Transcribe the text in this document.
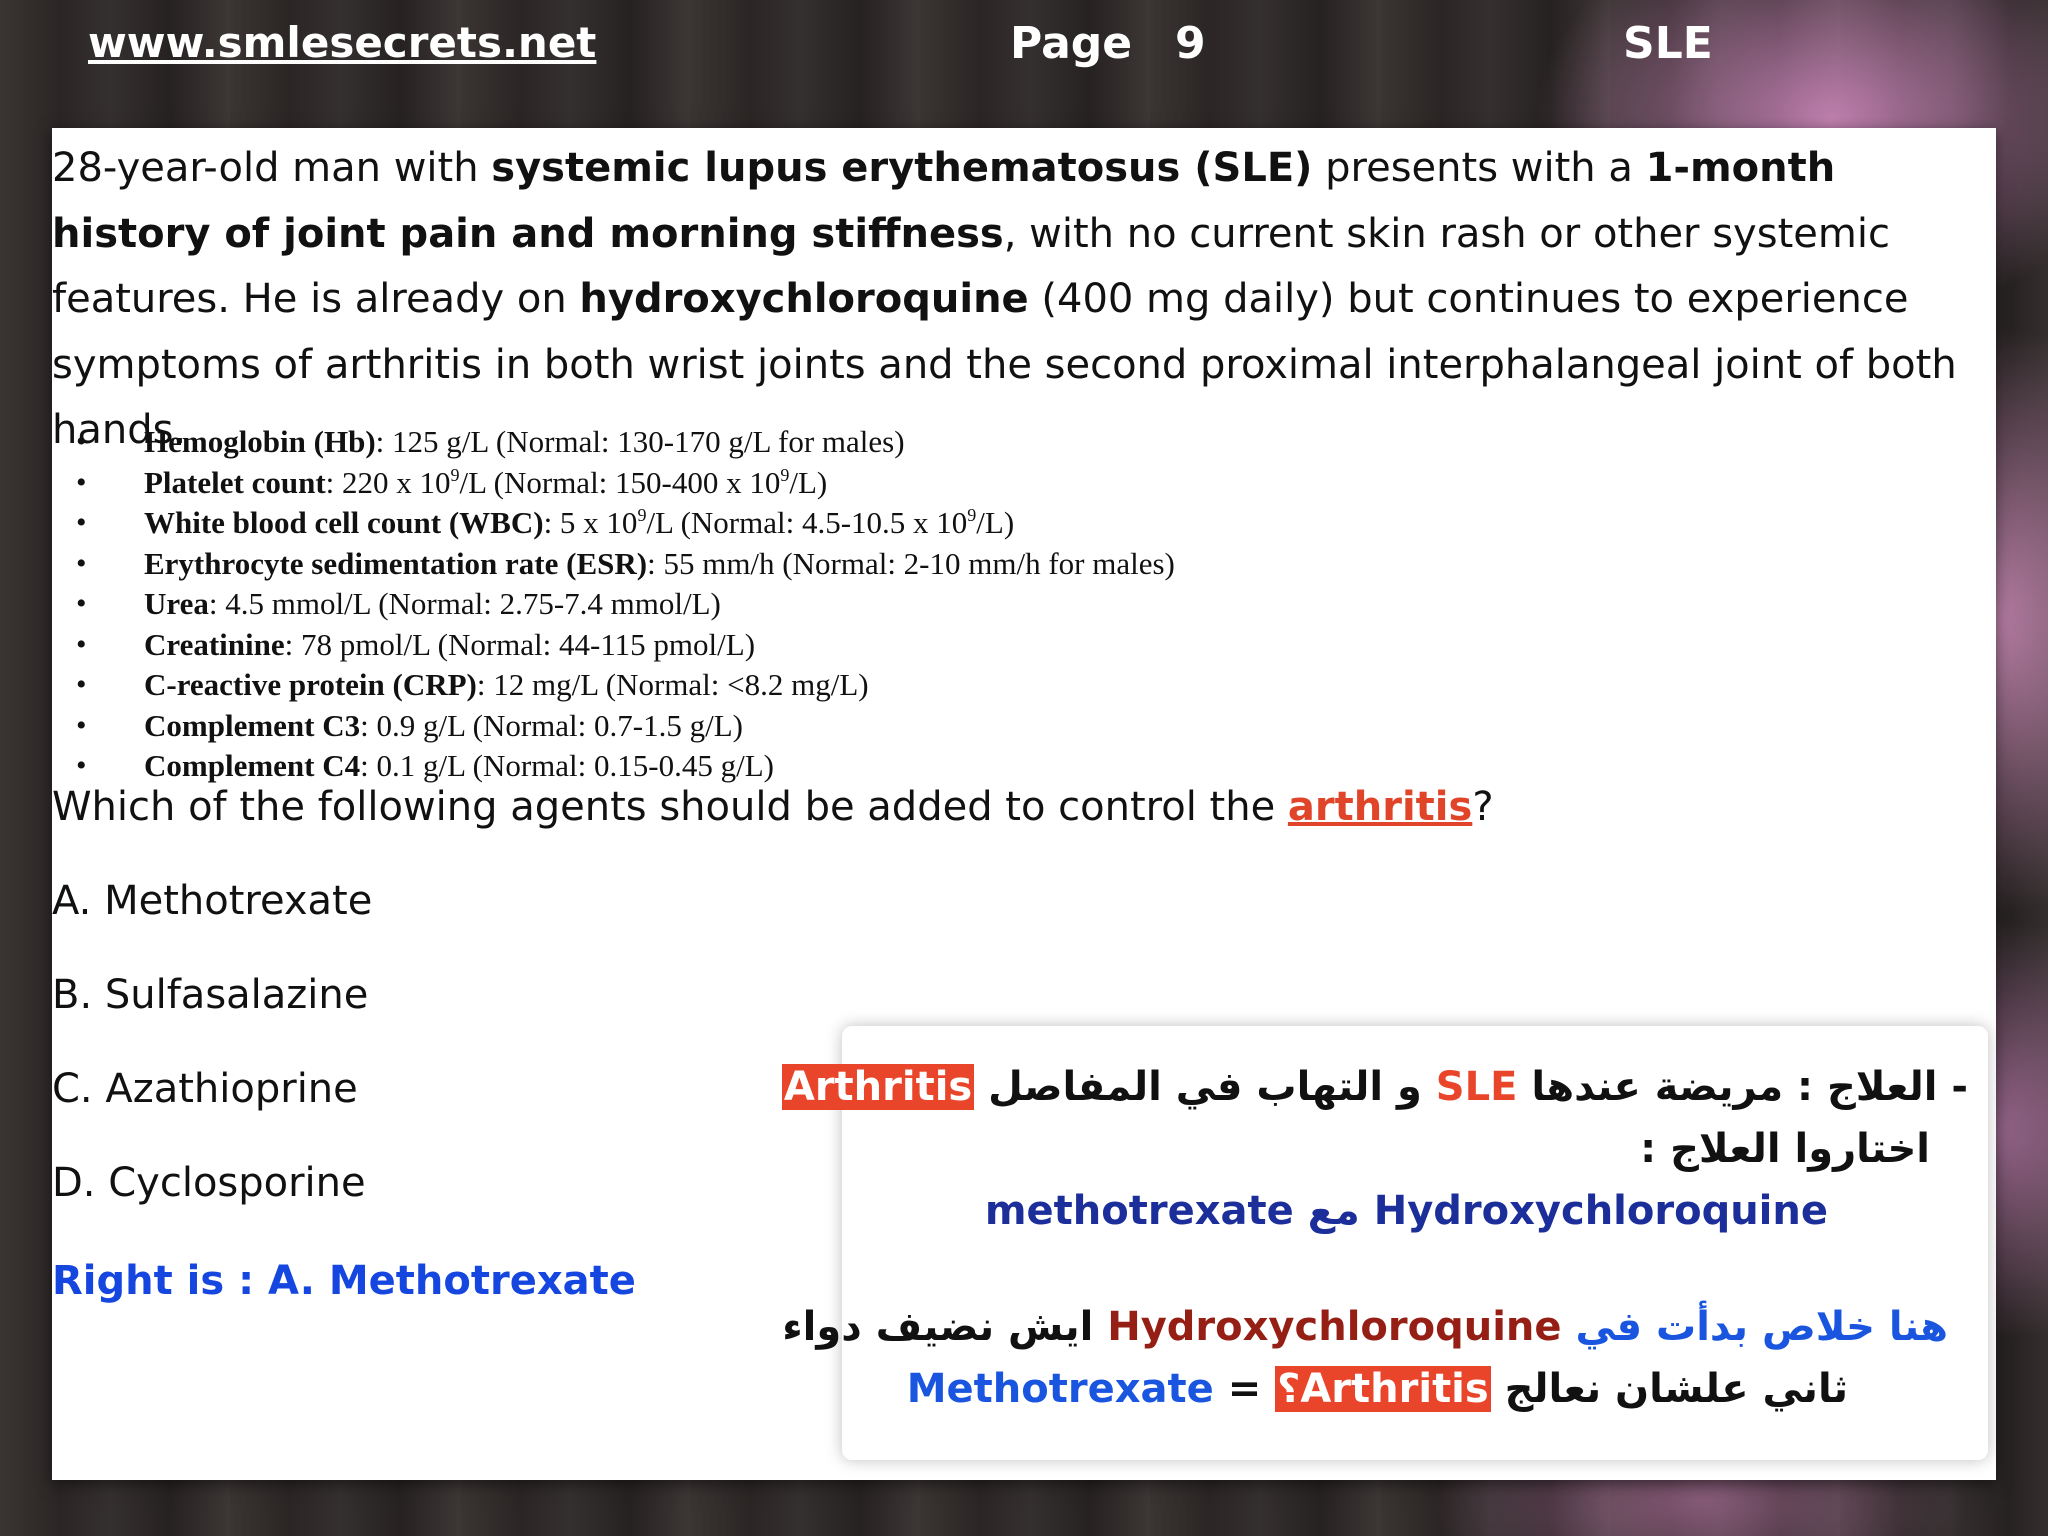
www.smlesecrets.net	Page 9	SLE
28-year-old man with systemic lupus erythematosus (SLE) presents with a 1-month history of joint pain and morning stiffness, with no current skin rash or other systemic features. He is already on hydroxychloroquine (400 mg daily) but continues to experience symptoms of arthritis in both wrist joints and the second proximal interphalangeal joint of both hands.
• Hemoglobin (Hb): 125 g/L (Normal: 130-170 g/L for males)
• Platelet count: 220 x $10^9/L$ (Normal: 150-400 x $10^9/L$)
• White blood cell count (WBC): 5 x $10^9/L$ (Normal: 4.5-10.5 x $10^9/L$)
• Erythrocyte sedimentation rate (ESR): 55 mm/h (Normal: 2-10 mm/h for males)
• Urea: 4.5 mmol/L (Normal: 2.75-7.4 mmol/L)
• Creatinine: 78 pmol/L (Normal: 44-115 pmol/L)
• C-reactive protein (CRP): 12 mg/L (Normal: <8.2 mg/L)
• Complement C3: 0.9 g/L (Normal: 0.7-1.5 g/L)
• Complement C4: 0.1 g/L (Normal: 0.15-0.45 g/L)
Which of the following agents should be added to control the arthritis?
A. Methotrexate
B. Sulfasalazine
C. Azathioprine
D. Cyclosporine
Right is : A. Methotrexate
- العلاج : مريضة عندها SLE و التهاب في المفاصل Arthritis
اختاروا العلاج :
Hydroxychloroquine مع methotrexate
هنا خلاص بدأت في Hydroxychloroquine ايش نضيف دواء
ثاني علشان نعالج Arthritis؟ = Methotrexate
